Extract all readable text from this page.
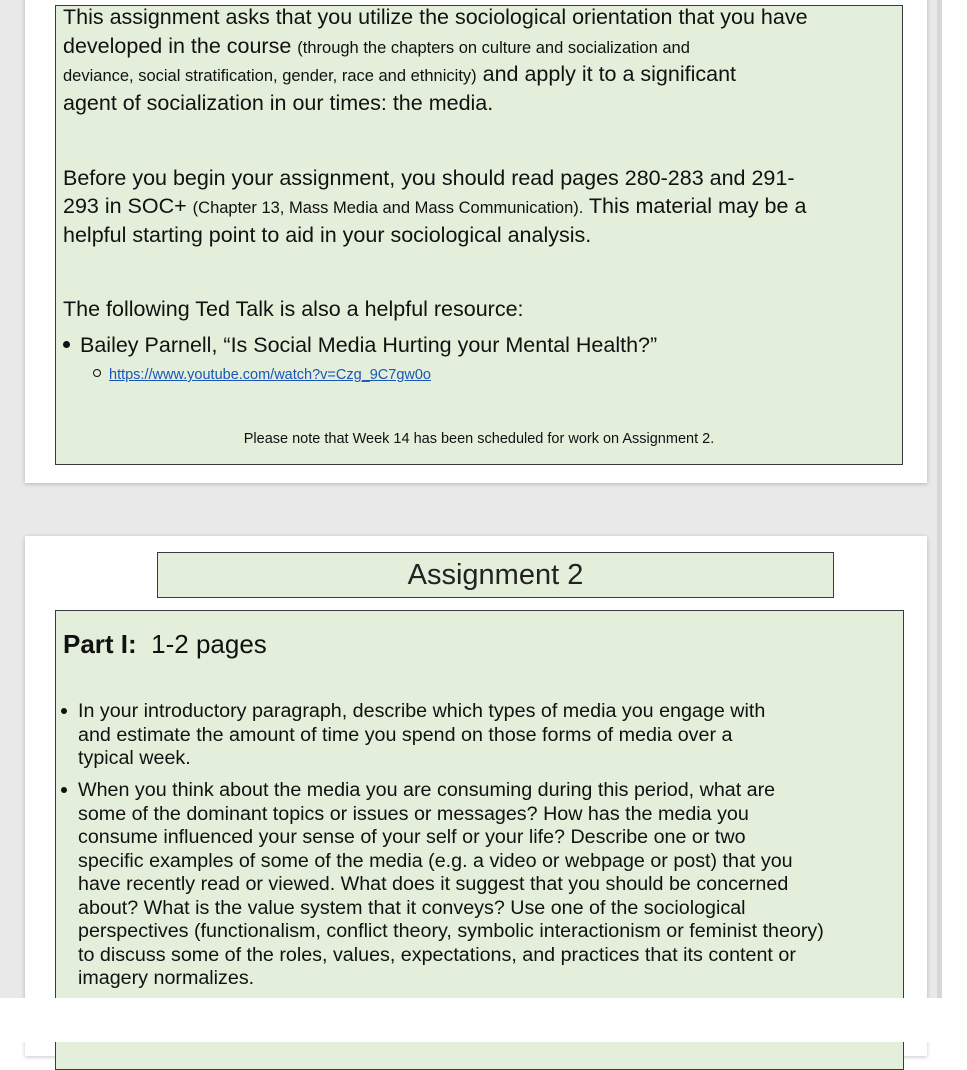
This assignment asks that you utilize the sociological orientation that you have
developed in the course (through the chapters on culture and socialization and
deviance, social stratification, gender, race and ethnicity) and apply it to a significant
agent of socialization in our times: the media.
Before you begin your assignment, you should read pages 280-283 and 291-
293 in SOC+ (Chapter 13, Mass Media and Mass Communication). This material may be a
helpful starting point to aid in your sociological analysis.
The following Ted Talk is also a helpful resource:
Bailey Parnell, “Is Social Media Hurting your Mental Health?”
https://www.youtube.com/watch?v=Czg_9C7gw0o
Please note that Week 14 has been scheduled for work on Assignment 2.
Assignment 2
Part I: 1-2 pages
In your introductory paragraph, describe which types of media you engage with
and estimate the amount of time you spend on those forms of media over a
typical week.
When you think about the media you are consuming during this period, what are
some of the dominant topics or issues or messages? How has the media you
consume influenced your sense of your self or your life? Describe one or two
specific examples of some of the media (e.g. a video or webpage or post) that you
have recently read or viewed. What does it suggest that you should be concerned
about? What is the value system that it conveys? Use one of the sociological
perspectives (functionalism, conflict theory, symbolic interactionism or feminist theory)
to discuss some of the roles, values, expectations, and practices that its content or
imagery normalizes.
